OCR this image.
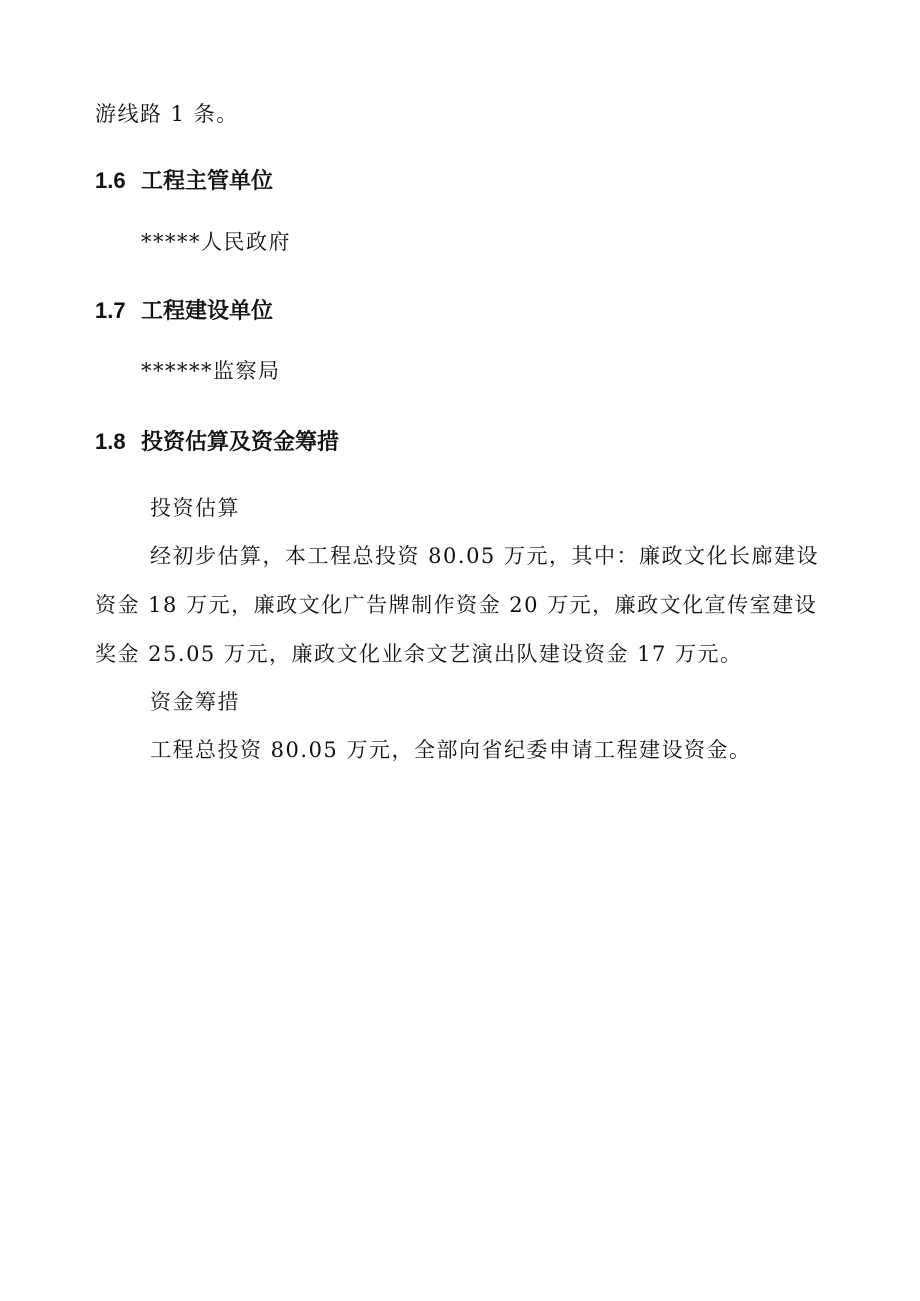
游线路 1 条。
1.6 工程主管单位
*****人民政府
1.7 工程建设单位
******监察局
1.8 投资估算及资金筹措
投资估算
经初步估算，本工程总投资 80.05 万元，其中：廉政文化长廊建设
资金 18 万元，廉政文化广告牌制作资金 20 万元，廉政文化宣传室建设
奖金 25.05 万元，廉政文化业余文艺演出队建设资金 17 万元。
资金筹措
工程总投资 80.05 万元，全部向省纪委申请工程建设资金。
